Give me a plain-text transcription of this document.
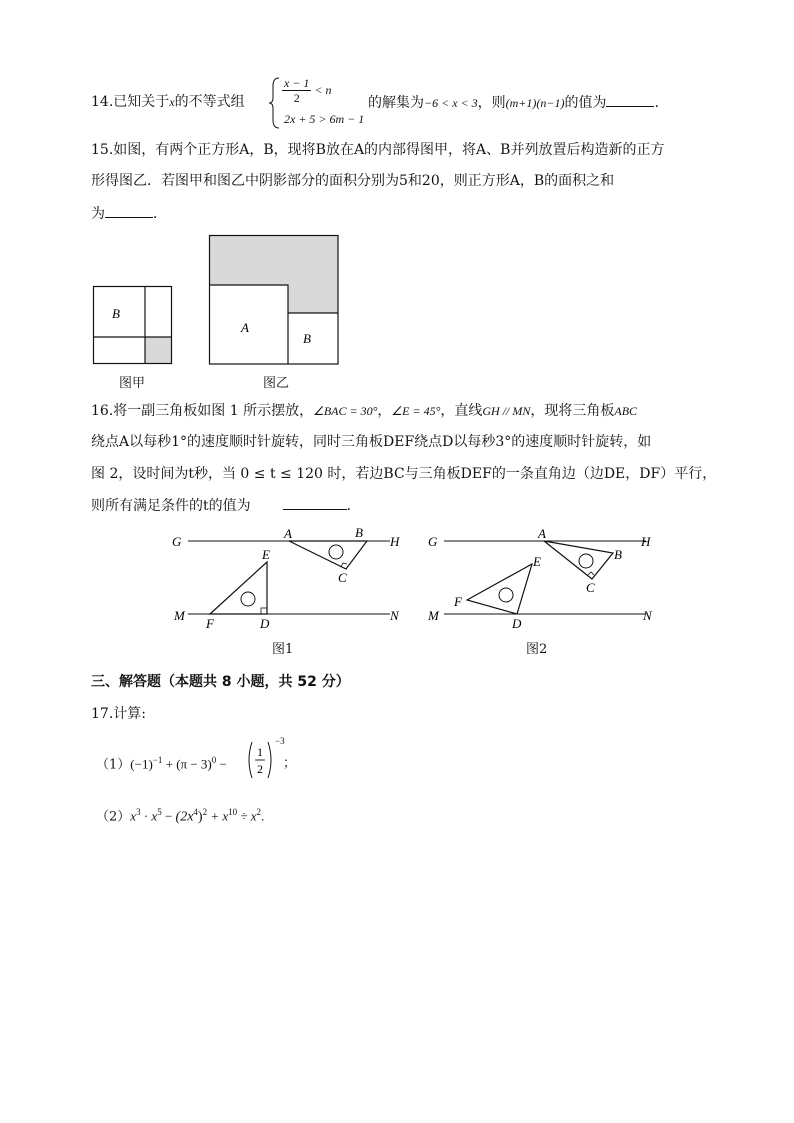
14.已知关于x的不等式组	$\frac{x - 1}{2} < n$
2x + 5 > 6m − 1
的解集为−6 < x < 3，则(m+1)(n−1)的值为	.
15.如图，有两个正方形A，B，现将B放在A的内部得图甲，将A、B并列放置后构造新的正方
形得图乙．若图甲和图乙中阴影部分的面积分别为5和20，则正方形A，B的面积之和
为	．
B
图甲
A
B
图乙
16.将一副三角板如图 1 所示摆放，∠BAC = 30°，∠E = 45°，直线GH // MN，现将三角板ABC
绕点A以每秒1°的速度顺时针旋转，同时三角板DEF绕点D以每秒3°的速度顺时针旋转，如
图 2，设时间为t秒，当 0 ≤ t ≤ 120 时，若边BC与三角板DEF的一条直角边（边DE，DF）平行，
则所有满足条件的t的值为	.
G	H
A	B
C
E
M	N
F	D
图1
G	H
A
B
C
E
F
M	N
D
图2
三、解答题（本题共 8 小题，共 52 分）
17.计算:
$(1)(-1)^{-1} + (\pi - 3)^0$ −
1
2
−3
；
$(2)x^3 \cdot x^5 - (2x^4)^2 + x^{10} \div x^2$.
